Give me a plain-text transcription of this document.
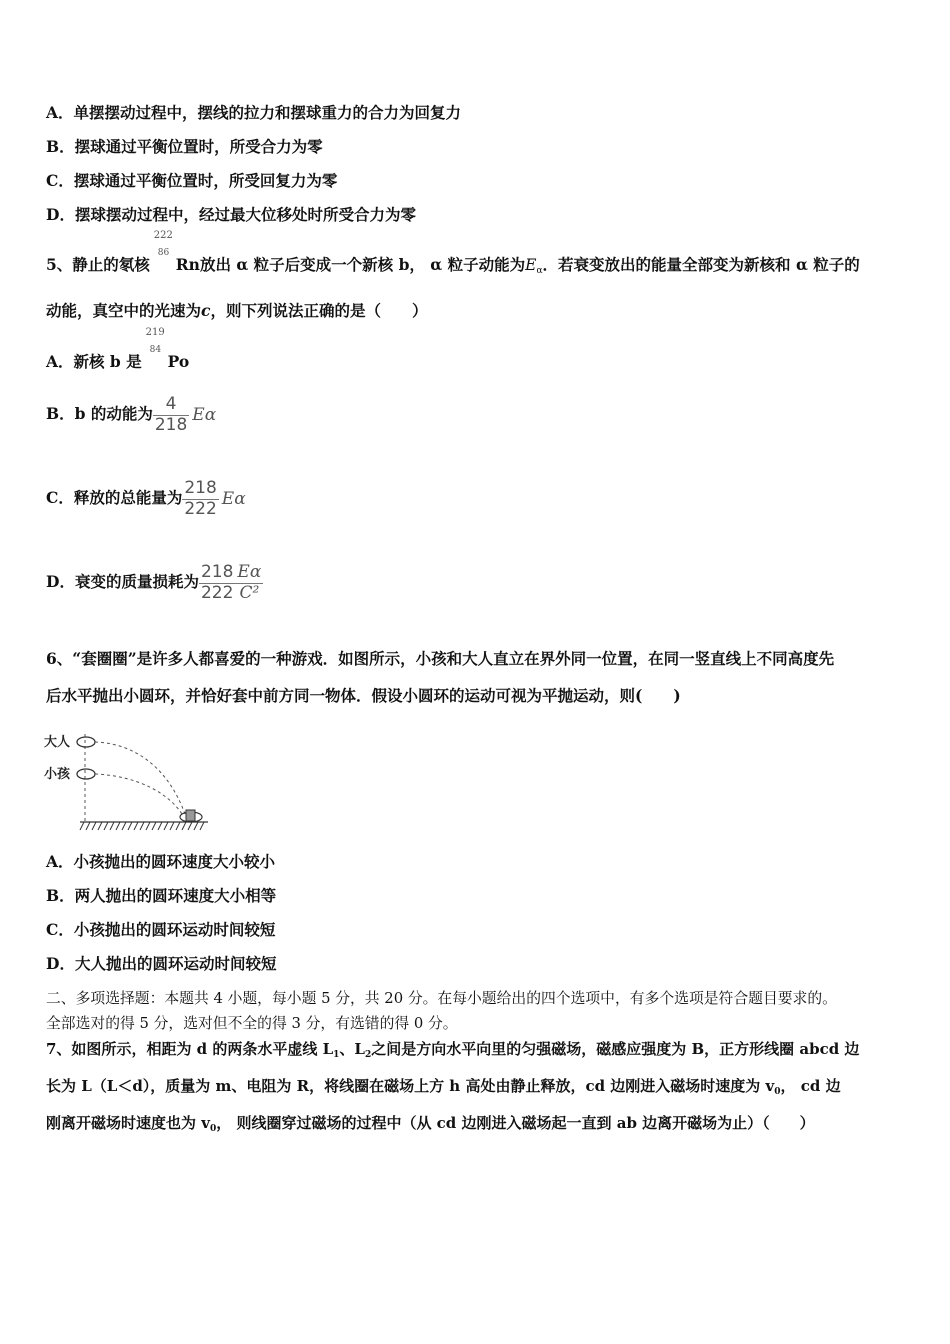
A．单摆摆动过程中，摆线的拉力和摆球重力的合力为回复力
B．摆球通过平衡位置时，所受合力为零
C．摆球通过平衡位置时，所受回复力为零
D．摆球摆动过程中，经过最大位移处时所受合力为零
5、静止的氡核
222
86
Rn放出 α 粒子后变成一个新核 b， α 粒子动能为$E_\alpha$．若衰变放出的能量全部变为新核和 α 粒子的
动能，真空中的光速为c，则下列说法正确的是（　　）
A．新核 b 是
219
84
Po
B．b 的动能为 $\frac{4}{218}$ Eα
C．释放的总能量为 $\frac{218}{222}$ Eα
D．衰变的质量损耗为 $\frac{218}{222} \frac{E\alpha}{\text{C²}}$
6、“套圈圈”是许多人都喜爱的一种游戏．如图所示，小孩和大人直立在界外同一位置，在同一竖直线上不同高度先
后水平抛出小圆环，并恰好套中前方同一物体．假设小圆环的运动可视为平抛运动，则(　　)
大人
小孩
A．小孩抛出的圆环速度大小较小
B．两人抛出的圆环速度大小相等
C．小孩抛出的圆环运动时间较短
D．大人抛出的圆环运动时间较短
二、多项选择题：本题共 4 小题，每小题 5 分，共 20 分。在每小题给出的四个选项中，有多个选项是符合题目要求的。
全部选对的得 5 分，选对但不全的得 3 分，有选错的得 0 分。
7、如图所示，相距为 d 的两条水平虚线 $L_1$、$L_2$之间是方向水平向里的匀强磁场，磁感应强度为 B，正方形线圈 abcd 边
长为 L（L＜d），质量为 m、电阻为 R，将线圈在磁场上方 h 高处由静止释放，cd 边刚进入磁场时速度为 $v_0$， cd 边
刚离开磁场时速度也为 $v_0$， 则线圈穿过磁场的过程中（从 cd 边刚进入磁场起一直到 ab 边离开磁场为止）（　　）
